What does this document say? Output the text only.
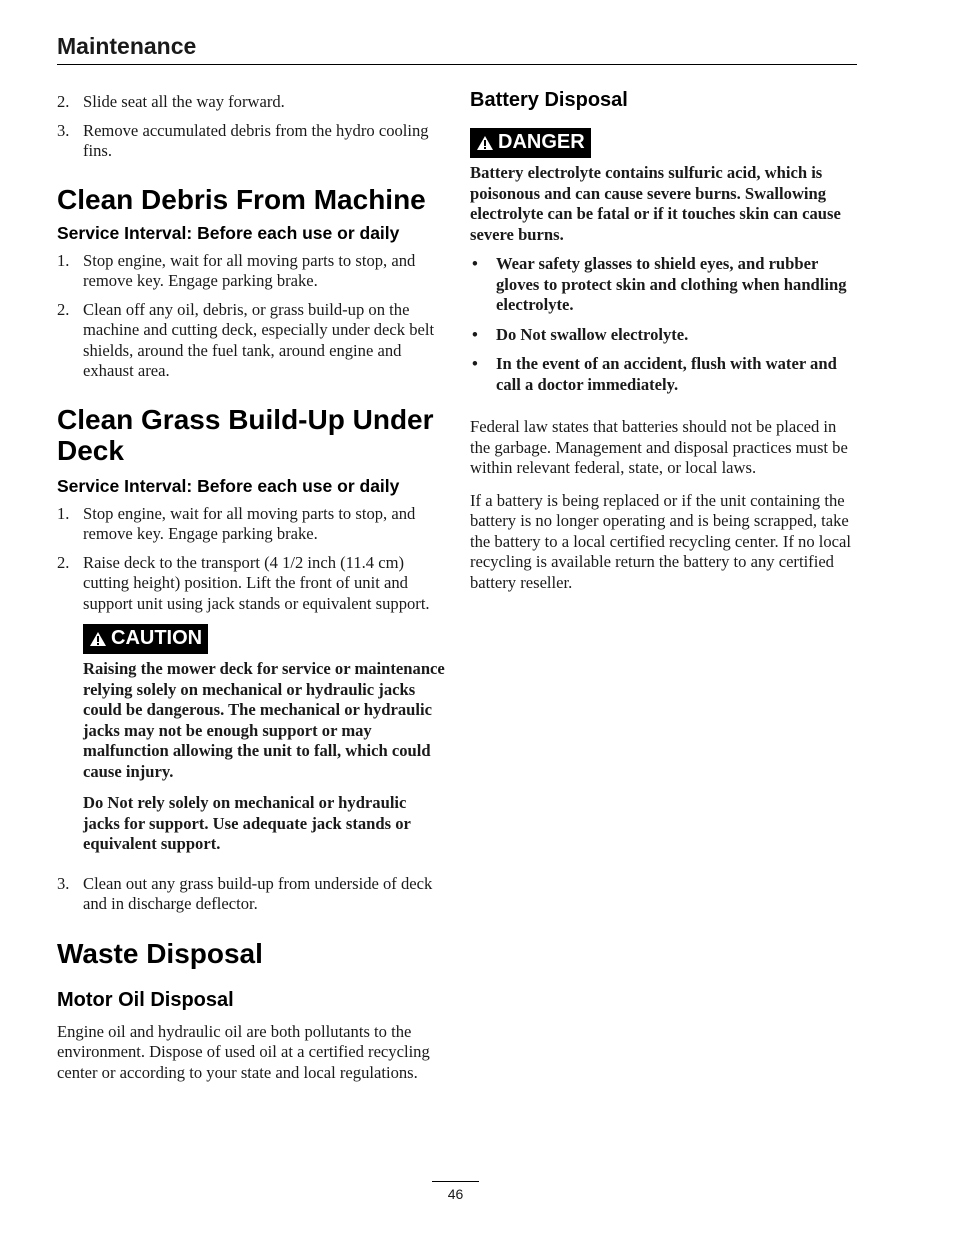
Maintenance
2. Slide seat all the way forward.
3. Remove accumulated debris from the hydro cooling fins.
Clean Debris From Machine

Service Interval: Before each use or daily

1. Stop engine, wait for all moving parts to stop, and remove key. Engage parking brake.
2. Clean off any oil, debris, or grass build-up on the machine and cutting deck, especially under deck belt shields, around the fuel tank, around engine and exhaust area.
Clean Grass Build-Up Under
Deck

Service Interval: Before each use or daily

1. Stop engine, wait for all moving parts to stop, and remove key. Engage parking brake.
2. Raise deck to the transport (4 1/2 inch (11.4 cm) cutting height) position. Lift the front of unit and support unit using jack stands or equivalent support.
CAUTION

Raising the mower deck for service or maintenance relying solely on mechanical or hydraulic jacks could be dangerous. The mechanical or hydraulic jacks may not be enough support or may malfunction allowing the unit to fall, which could cause injury.

Do Not rely solely on mechanical or hydraulic jacks for support. Use adequate jack stands or equivalent support.

3. Clean out any grass build-up from underside of deck and in discharge deflector.
Waste Disposal
Motor Oil Disposal

Engine oil and hydraulic oil are both pollutants to the environment. Dispose of used oil at a certified recycling center or according to your state and local regulations.

Battery Disposal
DANGER

Battery electrolyte contains sulfuric acid, which is poisonous and can cause severe burns. Swallowing electrolyte can be fatal or if it touches skin can cause severe burns.

• Wear safety glasses to shield eyes, and rubber gloves to protect skin and clothing when handling electrolyte.
• Do Not swallow electrolyte.
• In the event of an accident, flush with water and call a doctor immediately.

Federal law states that batteries should not be placed in the garbage. Management and disposal practices must be within relevant federal, state, or local laws.

If a battery is being replaced or if the unit containing the battery is no longer operating and is being scrapped, take the battery to a local certified recycling center. If no local recycling is available return the battery to any certified battery reseller.

46
